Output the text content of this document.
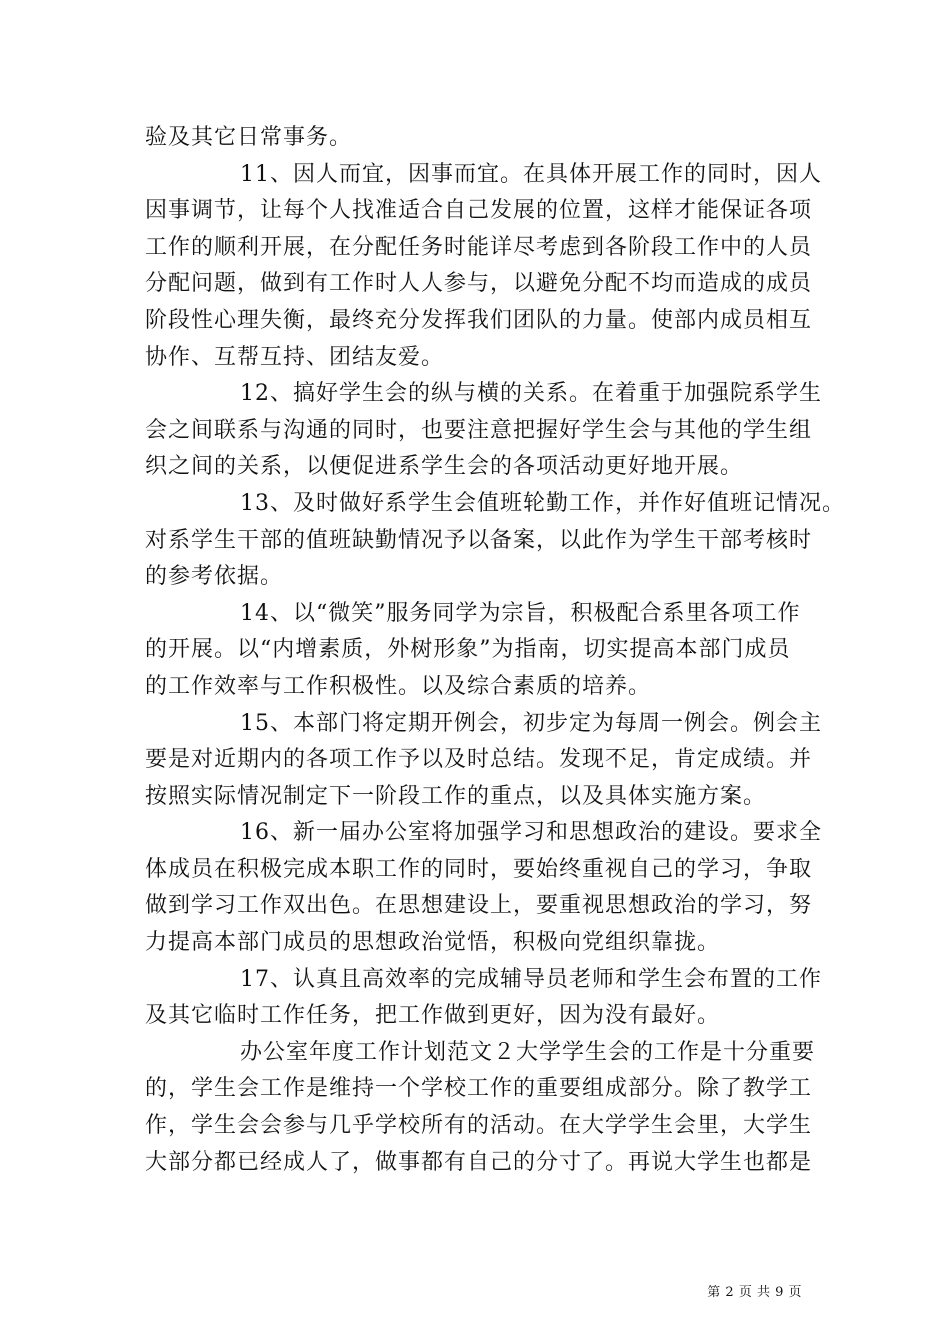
验及其它日常事务。
11、因人而宜，因事而宜。在具体开展工作的同时，因人
因事调节，让每个人找准适合自己发展的位置，这样才能保证各项
工作的顺利开展，在分配任务时能详尽考虑到各阶段工作中的人员
分配问题，做到有工作时人人参与，以避免分配不均而造成的成员
阶段性心理失衡，最终充分发挥我们团队的力量。使部内成员相互
协作、互帮互持、团结友爱。
12、搞好学生会的纵与横的关系。在着重于加强院系学生
会之间联系与沟通的同时，也要注意把握好学生会与其他的学生组
织之间的关系，以便促进系学生会的各项活动更好地开展。
13、及时做好系学生会值班轮勤工作，并作好值班记情况。
对系学生干部的值班缺勤情况予以备案，以此作为学生干部考核时
的参考依据。
14、以“微笑”服务同学为宗旨，积极配合系里各项工作
的开展。以“内增素质，外树形象”为指南，切实提高本部门成员
的工作效率与工作积极性。以及综合素质的培养。
15、本部门将定期开例会，初步定为每周一例会。例会主
要是对近期内的各项工作予以及时总结。发现不足，肯定成绩。并
按照实际情况制定下一阶段工作的重点，以及具体实施方案。
16、新一届办公室将加强学习和思想政治的建设。要求全
体成员在积极完成本职工作的同时，要始终重视自己的学习，争取
做到学习工作双出色。在思想建设上，要重视思想政治的学习，努
力提高本部门成员的思想政治觉悟，积极向党组织靠拢。
17、认真且高效率的完成辅导员老师和学生会布置的工作
及其它临时工作任务，把工作做到更好，因为没有最好。
办公室年度工作计划范文２大学学生会的工作是十分重要
的，学生会工作是维持一个学校工作的重要组成部分。除了教学工
作，学生会会参与几乎学校所有的活动。在大学学生会里，大学生
大部分都已经成人了，做事都有自己的分寸了。再说大学生也都是
第 2 页 共 9 页
